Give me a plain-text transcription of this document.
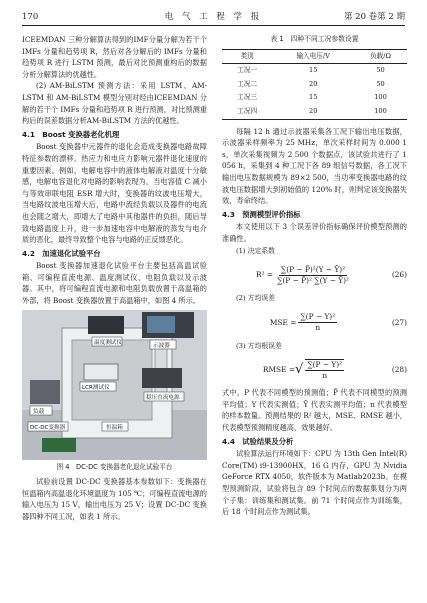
170	电 气 工 程 学 报	第 20 卷第 2 期

ICEEMDAN 三种分解算法得到的IMF分量分解为若干个 IMFs 分量和趋势项 R，然后对各分解后的 IMFs 分量和趋势项 R 进行 LSTM 预测，最后对比预测重构后的数据分析分解算法的优越性。

(2) AM-BiLSTM 预测方法：采用 LSTM、AM-LSTM 和 AM-BiLSTM 模型分别对经由ICEEMDAN 分解的若干个 IMFs 分量和趋势项 R 进行预测，对比预测重构后的误差数据分析AM-BiLSTM 方法的优越性。

4.1　Boost 变换器老化机理

Boost 变换器中元器件的退化会造成变换器电路故障特征参数的漂移。热应力和电应力影响元器件退化速度的重要因素。例如，电解电容中的液体电解液对温度十分敏感，电解电容退化对电路的影响表现为，当电容值 C 减小与等效串联电阻 ESR 增大时，变换器的纹波电压增大，当电路纹波电压增大后，电路中流经负载以及器件的电流也会随之增大，即增大了电路中其他器件的负担，随后导致电路温度上升，进一步加速电容中电解液的蒸发与电介质的恶化，最终导致整个电容与电路的正反馈恶化。

4.2　加速退化试验平台

Boost 变换器加速退化试验平台主要包括高温试验箱、可编程直流电源、温度测试仪、电阻负载以及示波器。其中，将可编程直流电源和电阻负载放置于高温箱的外部，将 Boost 变换器放置于高温箱中，如图 4 所示。

温度测试仪	示波器
LCR测试仪
负载
稳压直流电源
DC-DC变换器	恒温箱
图 4　DC-DC 变换器老化退化试验平台

试验前设置 DC-DC 变换器基本参数如下：变换器在恒温箱内高温退化环境温度为 105 ℃；可编程直流电源的输入电压为 15 V，输出电压为 25 V；设置 DC-DC 变换器四种不同工况，如表 1 所示。

表 1　四种不同工况参数设置
类别	输入电压/V	负载/Ω
工况一	15	50
工况二	20	50
工况三	15	100
工况四	20	100

每隔 12 h 通过示波器采集各工况下输出电压数据，示波器采样频率为 25 MHz，单次采样时间为 0.000 1 s，单次采集视频为 2 500 个数据点，该试验共进行了 1 056 h，采集到 4 种工况下各 89 组信号数据，各工况下输出电压数据规模为 89×2 500，当功率变换器电路的纹波电压数据增大到初始值的 120% 时，则判定该变换器失效，寿命终结。

4.3　预测模型评价指标

本文使用以下 3 个误差评价指标确保评价模型预测的准确性。

(1) 决定系数

$R^2 = \frac{\text{∑(P − P̄)²(Y − Ȳ)²}}{\text{∑(P − P̄)² ∑(Y − Ȳ)²}}$	(26)

(2) 方均误差

MSE = $\frac{\text{∑(P − Y)²}}{n}$	(27)

(3) 方均根误差

RMSE = √ $\frac{\text{∑(P − Y)²}}{n}$	(28)

式中，P 代表不同模型的预测值；P̄ 代表不同模型的预测平均值；Y 代表实测值；Ȳ 代表实测平均值；n 代表模型的样本数量。预测结果的 R² 越大，MSE、RMSE 越小，代表模型预测精度越高，效果越好。

4.4　试验结果及分析

试验算法运行环境如下：CPU 为 13th Gen Intel(R) Core(TM) i9-13900HX，16 G 内存，GPU 为 Nvidia GeForce RTX 4050，软件版本为 Matlab2023b。在模型预测阶段，试验将包含 89 个时间点的数据集划分为两个子集：训练集和测试集。前 71 个时间点作为训练集，后 18 个时间点作为测试集。
